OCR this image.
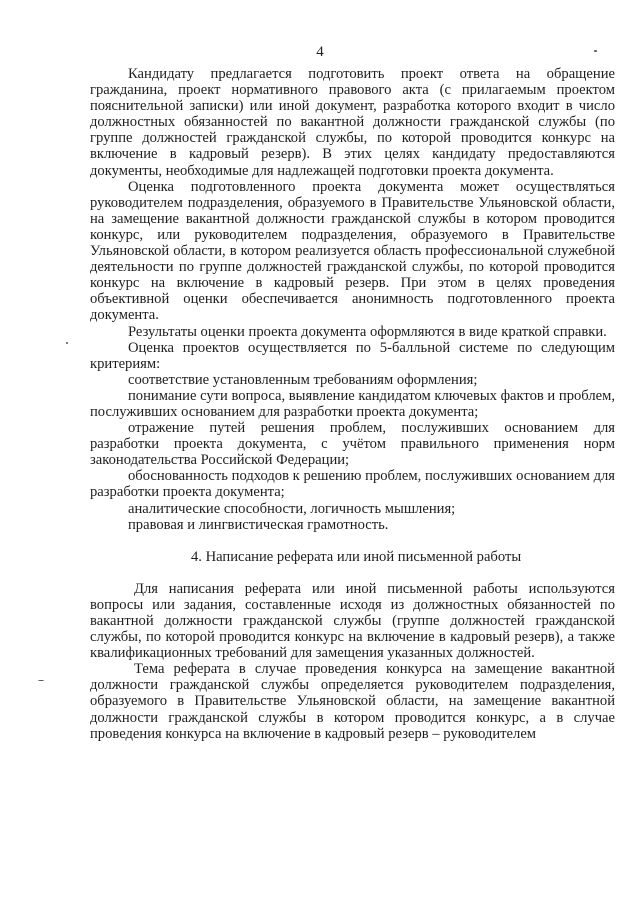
4

Кандидату предлагается подготовить проект ответа на обращение гражданина, проект нормативного правового акта (с прилагаемым проектом пояснительной записки) или иной документ, разработка которого входит в число должностных обязанностей по вакантной должности гражданской службы (по группе должностей гражданской службы, по которой проводится конкурс на включение в кадровый резерв). В этих целях кандидату предоставляются документы, необходимые для надлежащей подготовки проекта документа.

Оценка подготовленного проекта документа может осуществляться руководителем подразделения, образуемого в Правительстве Ульяновской области, на замещение вакантной должности гражданской службы в котором проводится конкурс, или руководителем подразделения, образуемого в Правительстве Ульяновской области, в котором реализуется область профессиональной служебной деятельности по группе должностей гражданской службы, по которой проводится конкурс на включение в кадровый резерв. При этом в целях проведения объективной оценки обеспечивается анонимность подготовленного проекта документа.

Результаты оценки проекта документа оформляются в виде краткой справки.

Оценка проектов осуществляется по 5-балльной системе по следующим критериям:

соответствие установленным требованиям оформления;

понимание сути вопроса, выявление кандидатом ключевых фактов и проблем, послуживших основанием для разработки проекта документа;

отражение путей решения проблем, послуживших основанием для разработки проекта документа, с учётом правильного применения норм законодательства Российской Федерации;

обоснованность подходов к решению проблем, послуживших основанием для разработки проекта документа;

аналитические способности, логичность мышления;

правовая и лингвистическая грамотность.

4. Написание реферата или иной письменной работы

Для написания реферата или иной письменной работы используются вопросы или задания, составленные исходя из должностных обязанностей по вакантной должности гражданской службы (группе должностей гражданской службы, по которой проводится конкурс на включение в кадровый резерв), а также квалификационных требований для замещения указанных должностей.

Тема реферата в случае проведения конкурса на замещение вакантной должности гражданской службы определяется руководителем подразделения, образуемого в Правительстве Ульяновской области, на замещение вакантной должности гражданской службы в котором проводится конкурс, а в случае проведения конкурса на включение в кадровый резерв – руководителем
